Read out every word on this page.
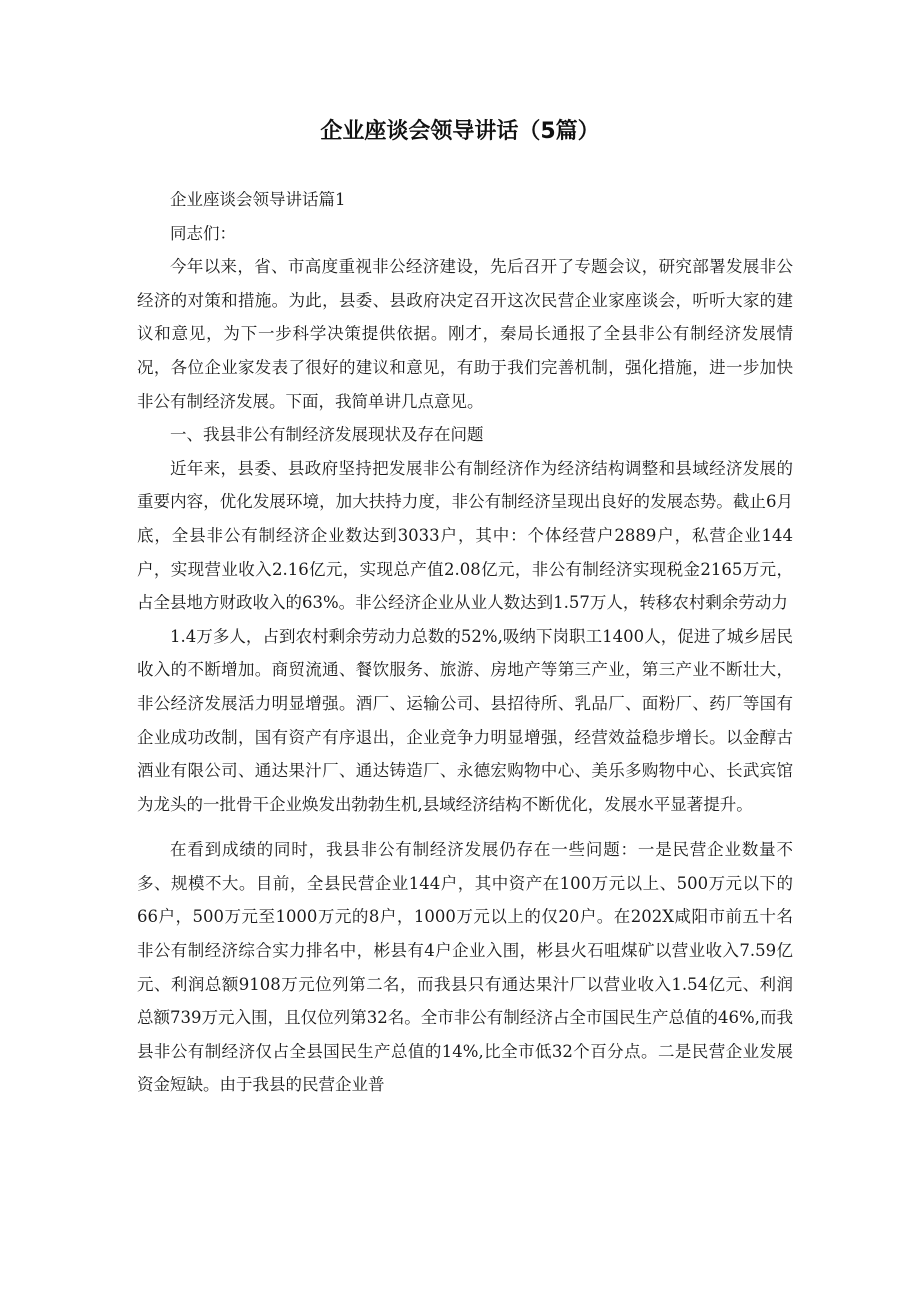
企业座谈会领导讲话（5篇）

企业座谈会领导讲话篇1

同志们：

今年以来，省、市高度重视非公经济建设，先后召开了专题会议，研究部署发展非公经济的对策和措施。为此，县委、县政府决定召开这次民营企业家座谈会，听听大家的建议和意见，为下一步科学决策提供依据。刚才，秦局长通报了全县非公有制经济发展情况，各位企业家发表了很好的建议和意见，有助于我们完善机制，强化措施，进一步加快非公有制经济发展。下面，我简单讲几点意见。

一、我县非公有制经济发展现状及存在问题

近年来，县委、县政府坚持把发展非公有制经济作为经济结构调整和县域经济发展的重要内容，优化发展环境，加大扶持力度，非公有制经济呈现出良好的发展态势。截止6月底，全县非公有制经济企业数达到3033户，其中：个体经营户2889户，私营企业144户，实现营业收入2.16亿元，实现总产值2.08亿元，非公有制经济实现税金2165万元，占全县地方财政收入的63%。非公经济企业从业人数达到1.57万人，转移农村剩余劳动力

1.4万多人，占到农村剩余劳动力总数的52%,吸纳下岗职工1400人，促进了城乡居民收入的不断增加。商贸流通、餐饮服务、旅游、房地产等第三产业，第三产业不断壮大，非公经济发展活力明显增强。酒厂、运输公司、县招待所、乳品厂、面粉厂、药厂等国有企业成功改制，国有资产有序退出，企业竞争力明显增强，经营效益稳步增长。以金醇古酒业有限公司、通达果汁厂、通达铸造厂、永德宏购物中心、美乐多购物中心、长武宾馆为龙头的一批骨干企业焕发出勃勃生机,县域经济结构不断优化，发展水平显著提升。

在看到成绩的同时，我县非公有制经济发展仍存在一些问题：一是民营企业数量不多、规模不大。目前，全县民营企业144户，其中资产在100万元以上、500万元以下的66户，500万元至1000万元的8户，1000万元以上的仅20户。在202X咸阳市前五十名非公有制经济综合实力排名中，彬县有4户企业入围，彬县火石咀煤矿以营业收入7.59亿元、利润总额9108万元位列第二名，而我县只有通达果汁厂以营业收入1.54亿元、利润总额739万元入围，且仅位列第32名。全市非公有制经济占全市国民生产总值的46%,而我县非公有制经济仅占全县国民生产总值的14%,比全市低32个百分点。二是民营企业发展资金短缺。由于我县的民营企业普
